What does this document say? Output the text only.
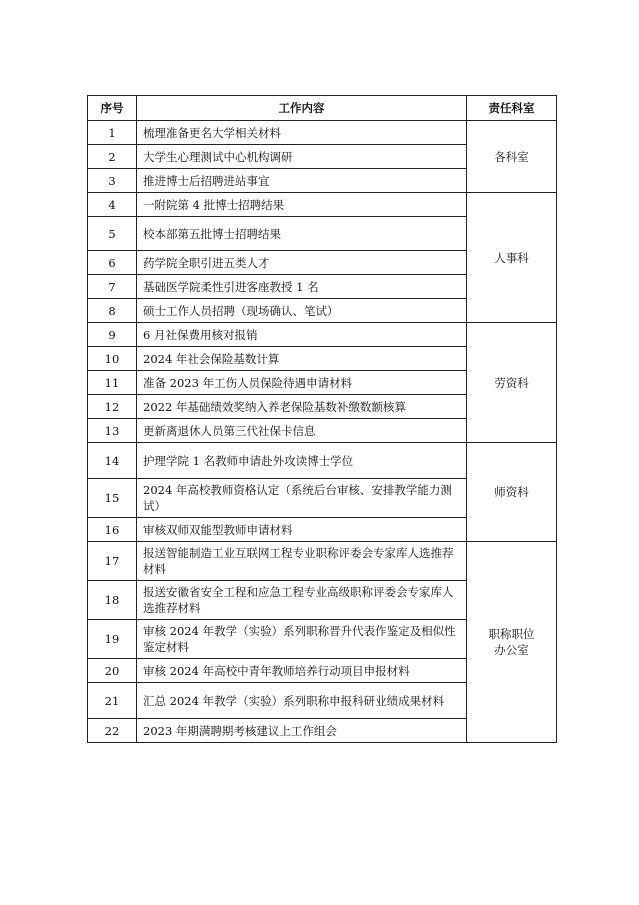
序号	工作内容	责任科室
1	梳理准备更名大学相关材料	各科室
2	大学生心理测试中心机构调研	
3	推进博士后招聘进站事宜	
4	一附院第 4 批博士招聘结果	人事科
5	校本部第五批博士招聘结果	
6	药学院全职引进五类人才	
7	基础医学院柔性引进客座教授 1 名	
8	硕士工作人员招聘（现场确认、笔试）	
9	6 月社保费用核对报销	劳资科
10	2024 年社会保险基数计算	
11	准备 2023 年工伤人员保险待遇申请材料	
12	2022 年基础绩效奖纳入养老保险基数补缴数额核算	
13	更新离退休人员第三代社保卡信息	
14	护理学院 1 名教师申请赴外攻读博士学位	师资科
15	2024 年高校教师资格认定（系统后台审核、安排教学能力测试）	
16	审核双师双能型教师申请材料	
17	报送智能制造工业互联网工程专业职称评委会专家库人选推荐材料	职称职位办公室
18	报送安徽省安全工程和应急工程专业高级职称评委会专家库人选推荐材料	
19	审核 2024 年教学（实验）系列职称晋升代表作鉴定及相似性鉴定材料	
20	审核 2024 年高校中青年教师培养行动项目申报材料	
21	汇总 2024 年教学（实验）系列职称申报科研业绩成果材料	
22	2023 年期满聘期考核建议上工作组会	
